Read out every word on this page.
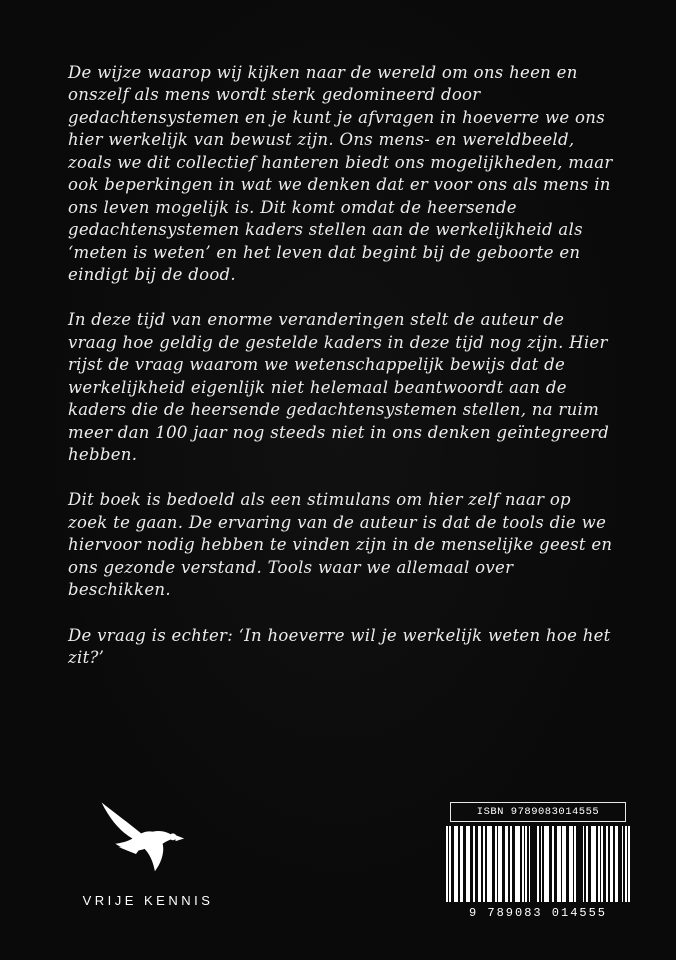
De wijze waarop wij kijken naar de wereld om ons heen en onszelf als mens wordt sterk gedomineerd door gedachtensystemen en je kunt je afvragen in hoeverre we ons hier werkelijk van bewust zijn. Ons mens- en wereldbeeld, zoals we dit collectief hanteren biedt ons mogelijkheden, maar ook beperkingen in wat we denken dat er voor ons als mens in ons leven mogelijk is. Dit komt omdat de heersende gedachtensystemen kaders stellen aan de werkelijkheid als ‘meten is weten’ en het leven dat begint bij de geboorte en eindigt bij de dood.

In deze tijd van enorme veranderingen stelt de auteur de vraag hoe geldig de gestelde kaders in deze tijd nog zijn. Hier rijst de vraag waarom we wetenschappelijk bewijs dat de werkelijkheid eigenlijk niet helemaal beantwoordt aan de kaders die de heersende gedachtensystemen stellen, na ruim meer dan 100 jaar nog steeds niet in ons denken geïntegreerd hebben.

Dit boek is bedoeld als een stimulans om hier zelf naar op zoek te gaan. De ervaring van de auteur is dat de tools die we hiervoor nodig hebben te vinden zijn in de menselijke geest en ons gezonde verstand. Tools waar we allemaal over beschikken.

De vraag is echter: ‘In hoeverre wil je werkelijk weten hoe het zit?’

VRIJE KENNIS
ISBN 9789083014555
9 789083 014555
